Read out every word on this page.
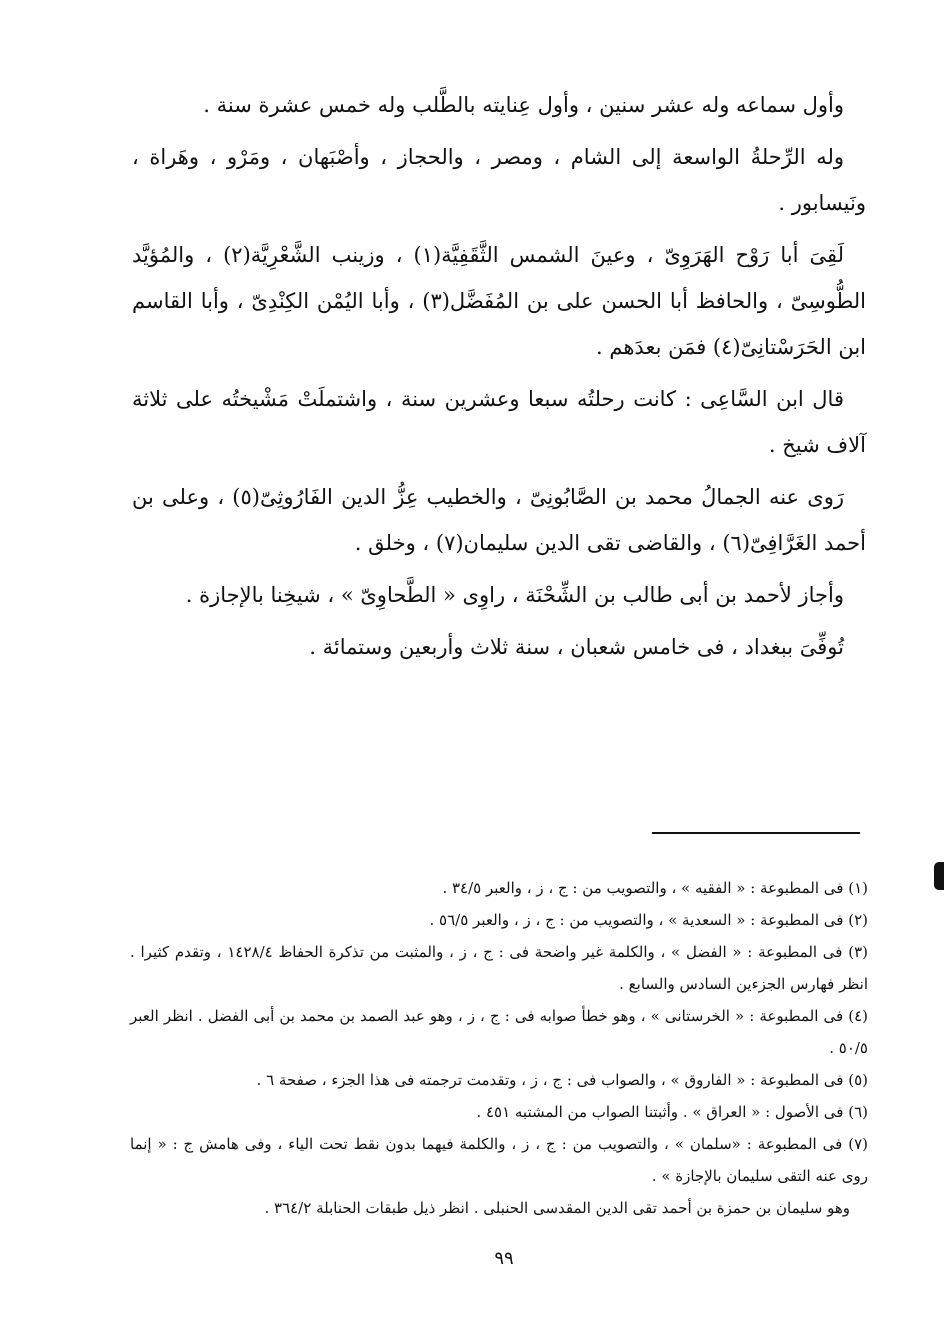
وأول سماعه وله عشر سنين ، وأول عِنايته بالطَّلب وله خمس عشرة سنة .

وله الرِّحلةُ الواسعة إلى الشام ، ومصر ، والحجاز ، وأصْبَهان ، ومَرْو ، وهَراة ، ونَيسابور .

لَقِىَ أبا رَوْح الهَرَوِىّ ، وعينَ الشمس الثَّقَفِيَّة(١) ، وزينب الشَّعْرِيَّة(٢) ، والمُؤيَّد الطُّوسِىّ ، والحافظ أبا الحسن على بن المُفَضَّل(٣) ، وأبا اليُمْن الكِنْدِىّ ، وأبا القاسم ابن الحَرَسْتانِىّ(٤) فمَن بعدَهم .

قال ابن السَّاعِى : كانت رحلتُه سبعا وعشرين سنة ، واشتملَتْ مَشْيختُه على ثلاثة آلاف شيخ .

رَوى عنه الجمالُ محمد بن الصَّابُونِىّ ، والخطيب عِزُّ الدين الفَارُوثِىّ(٥) ، وعلى بن أحمد الغَرَّافِىّ(٦) ، والقاضى تقى الدين سليمان(٧) ، وخلق .

وأجاز لأحمد بن أبى طالب بن الشِّحْنَة ، راوِى « الطَّحاوِىّ » ، شيخِنا بالإجازة .

تُوفِّىَ ببغداد ، فى خامس شعبان ، سنة ثلاث وأربعين وستمائة .

(١) فى المطبوعة : « الفقيه » ، والتصويب من : ج ، ز ، والعبر ٣٤/٥ .

(٢) فى المطبوعة : « السعدية » ، والتصويب من : ج ، ز ، والعبر ٥٦/٥ .

(٣) فى المطبوعة : « الفضل » ، والكلمة غير واضحة فى : ج ، ز ، والمثبت من تذكرة الحفاظ ١٤٢٨/٤ ، وتقدم كثيرا . انظر فهارس الجزءين السادس والسابع .

(٤) فى المطبوعة : « الخرستانى » ، وهو خطأ صوابه فى : ج ، ز ، وهو عبد الصمد بن محمد بن أبى الفضل . انظر العبر ٥٠/٥ .

(٥) فى المطبوعة : « الفاروق » ، والصواب فى : ج ، ز ، وتقدمت ترجمته فى هذا الجزء ، صفحة ٦ .

(٦) فى الأصول : « العراق » . وأثبتنا الصواب من المشتبه ٤٥١ .

(٧) فى المطبوعة : «سلمان » ، والتصويب من : ج ، ز ، والكلمة فيهما بدون نقط تحت الياء ، وفى هامش ج : « إنما روى عنه التقى سليمان بالإجازة » .

وهو سليمان بن حمزة بن أحمد تقى الدين المقدسى الحنبلى . انظر ذيل طبقات الحنابلة ٣٦٤/٢ .

٩٩
